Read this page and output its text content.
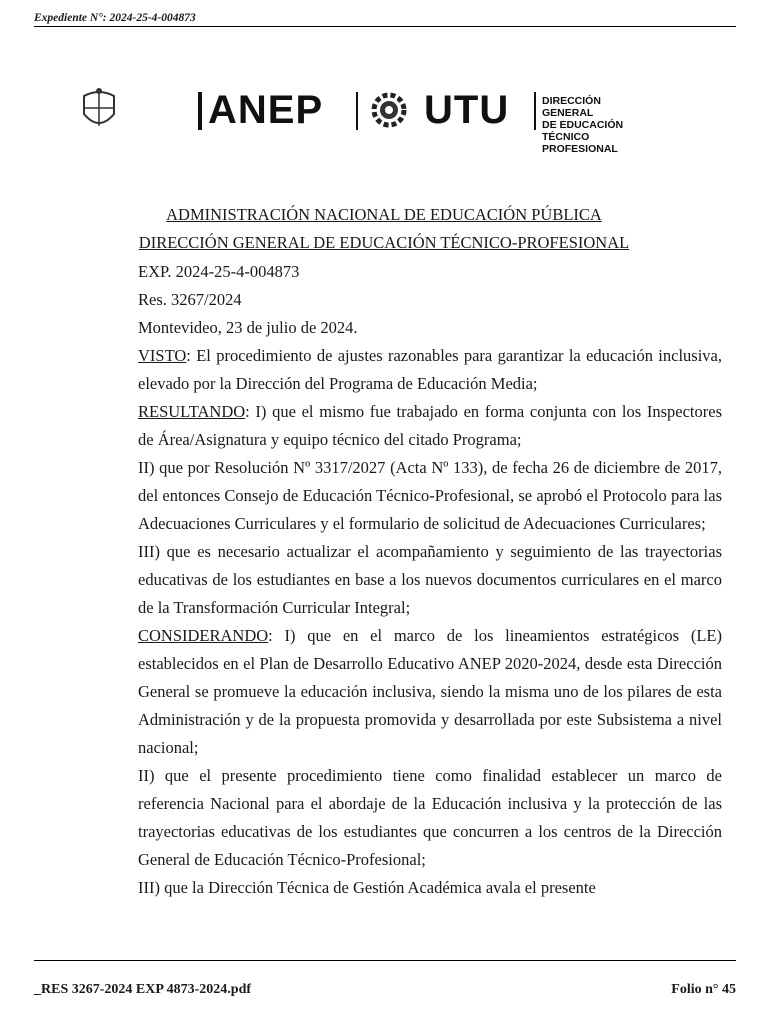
Expediente N°: 2024-25-4-004873
ANEP	UTU	DIRECCIÓN GENERAL
DE EDUCACIÓN
TÉCNICO PROFESIONAL
ADMINISTRACIÓN NACIONAL DE EDUCACIÓN PÚBLICA
DIRECCIÓN GENERAL DE EDUCACIÓN TÉCNICO-PROFESIONAL

EXP. 2024-25-4-004873

Res. 3267/2024

Montevideo, 23 de julio de 2024.

VISTO: El procedimiento de ajustes razonables para garantizar la educación inclusiva, elevado por la Dirección del Programa de Educación Media;

RESULTANDO: I) que el mismo fue trabajado en forma conjunta con los Inspectores de Área/Asignatura y equipo técnico del citado Programa;

II) que por Resolución Nº 3317/2027 (Acta Nº 133), de fecha 26 de diciembre de 2017, del entonces Consejo de Educación Técnico-Profesional, se aprobó el Protocolo para las Adecuaciones Curriculares y el formulario de solicitud de Adecuaciones Curriculares;

III) que es necesario actualizar el acompañamiento y seguimiento de las trayectorias educativas de los estudiantes en base a los nuevos documentos curriculares en el marco de la Transformación Curricular Integral;

CONSIDERANDO: I) que en el marco de los lineamientos estratégicos (LE) establecidos en el Plan de Desarrollo Educativo ANEP 2020-2024, desde esta Dirección General se promueve la educación inclusiva, siendo la misma uno de los pilares de esta Administración y de la propuesta promovida y desarrollada por este Subsistema a nivel nacional;

II) que el presente procedimiento tiene como finalidad establecer un marco de referencia Nacional para el abordaje de la Educación inclusiva y la protección de las trayectorias educativas de los estudiantes que concurren a los centros de la Dirección General de Educación Técnico-Profesional;

III) que la Dirección Técnica de Gestión Académica avala el presente

_RES 3267-2024 EXP 4873-2024.pdf	Folio n° 45
